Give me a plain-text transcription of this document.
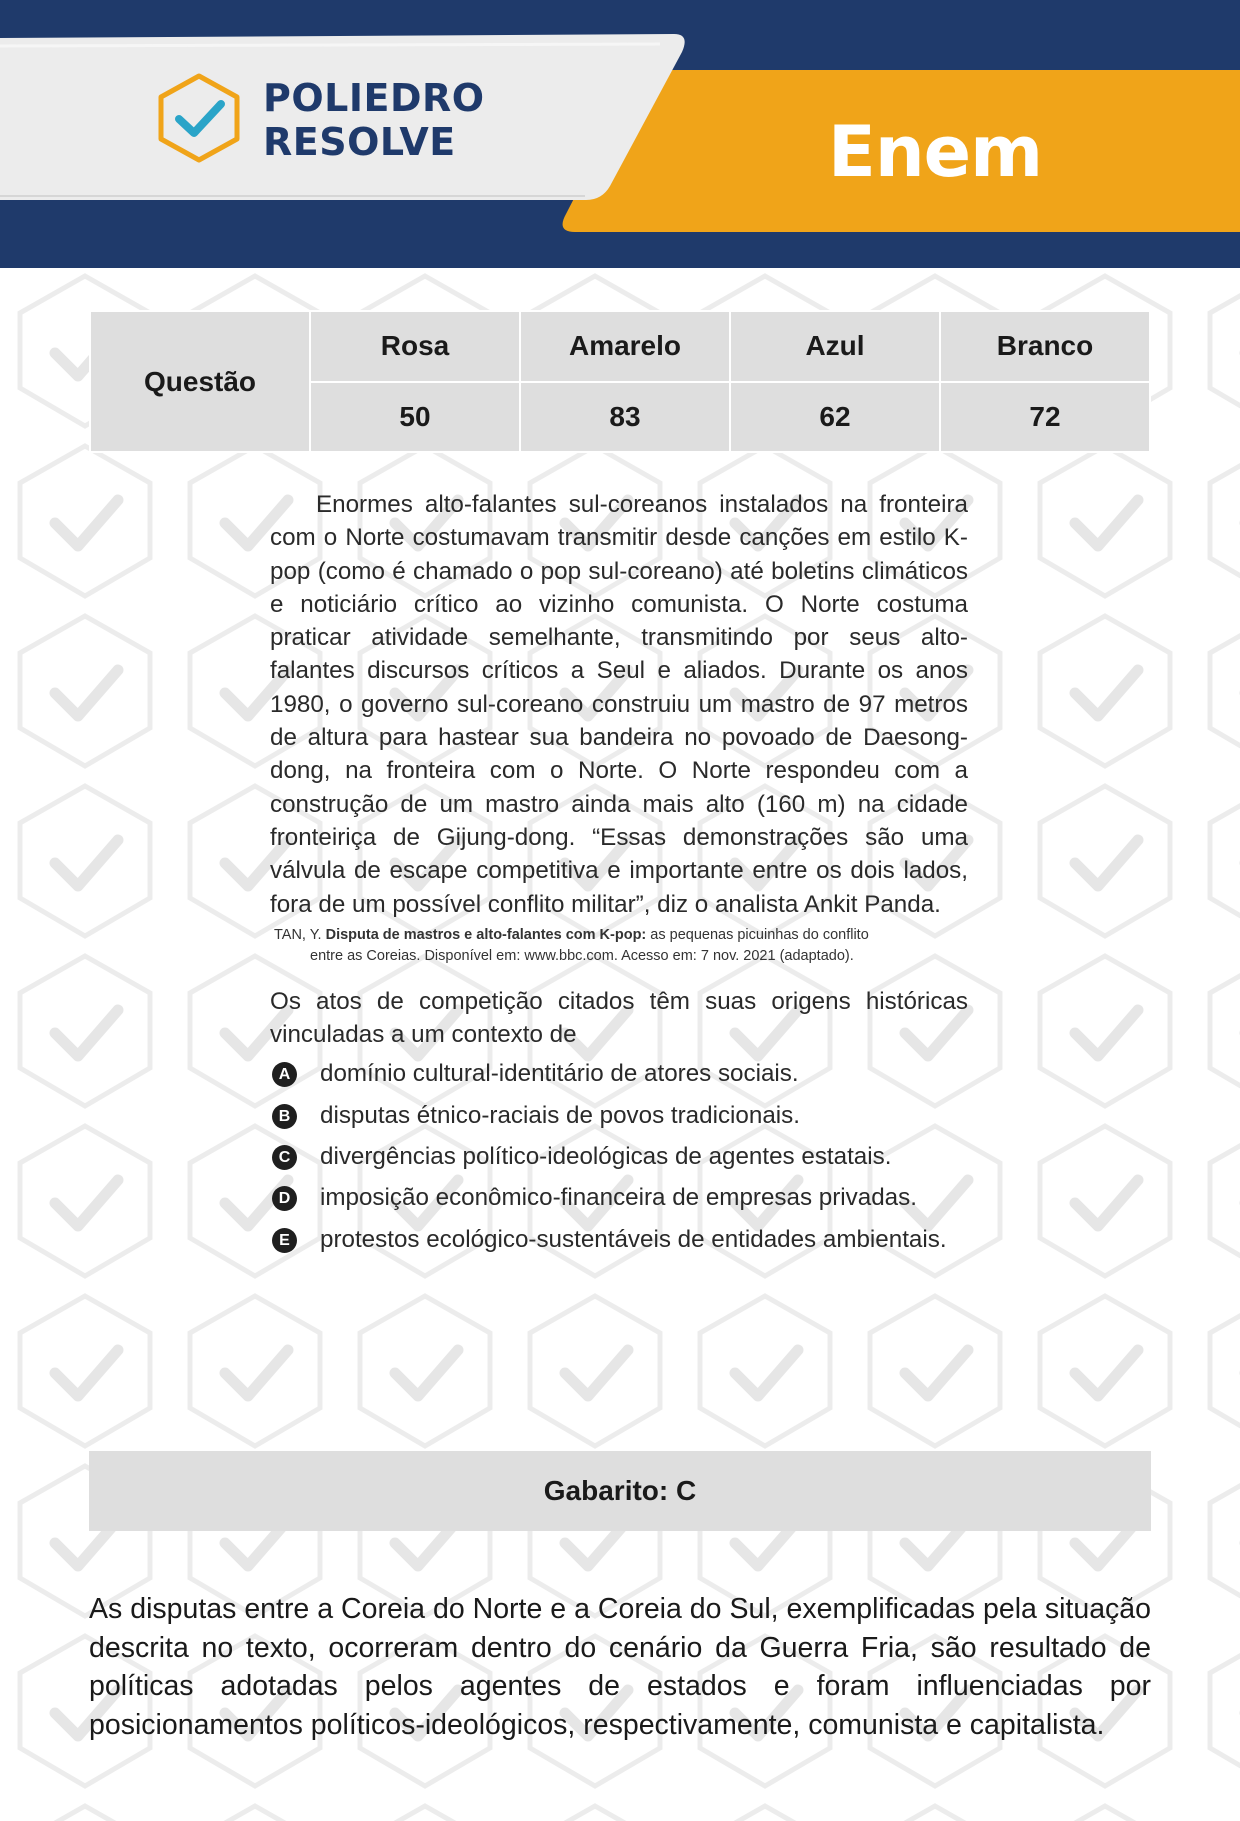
POLIEDRO
RESOLVE	Enem
Questão	Rosa	Amarelo	Azul	Branco
	50	83	62	72

Enormes alto-falantes sul-coreanos instalados na fronteira com o Norte costumavam transmitir desde canções em estilo K-pop (como é chamado o pop sul-coreano) até boletins climáticos e noticiário crítico ao vizinho comunista. O Norte costuma praticar atividade semelhante, transmitindo por seus alto-falantes discursos críticos a Seul e aliados. Durante os anos 1980, o governo sul-coreano construiu um mastro de 97 metros de altura para hastear sua bandeira no povoado de Daesong-dong, na fronteira com o Norte. O Norte respondeu com a construção de um mastro ainda mais alto (160 m) na cidade fronteiriça de Gijung-dong. “Essas demonstrações são uma válvula de escape competitiva e importante entre os dois lados, fora de um possível conflito militar”, diz o analista Ankit Panda.

TAN, Y. Disputa de mastros e alto-falantes com K-pop: as pequenas picuinhas do conflito
entre as Coreias. Disponível em: www.bbc.com. Acesso em: 7 nov. 2021 (adaptado).

Os atos de competição citados têm suas origens históricas vinculadas a um contexto de

A domínio cultural-identitário de atores sociais.
B disputas étnico-raciais de povos tradicionais.
C divergências político-ideológicas de agentes estatais.
D imposição econômico-financeira de empresas privadas.
E protestos ecológico-sustentáveis de entidades ambientais.
Gabarito: C

As disputas entre a Coreia do Norte e a Coreia do Sul, exemplificadas pela situação descrita no texto, ocorreram dentro do cenário da Guerra Fria, são resultado de políticas adotadas pelos agentes de estados e foram influenciadas por posicionamentos políticos-ideológicos, respectivamente, comunista e capitalista.
